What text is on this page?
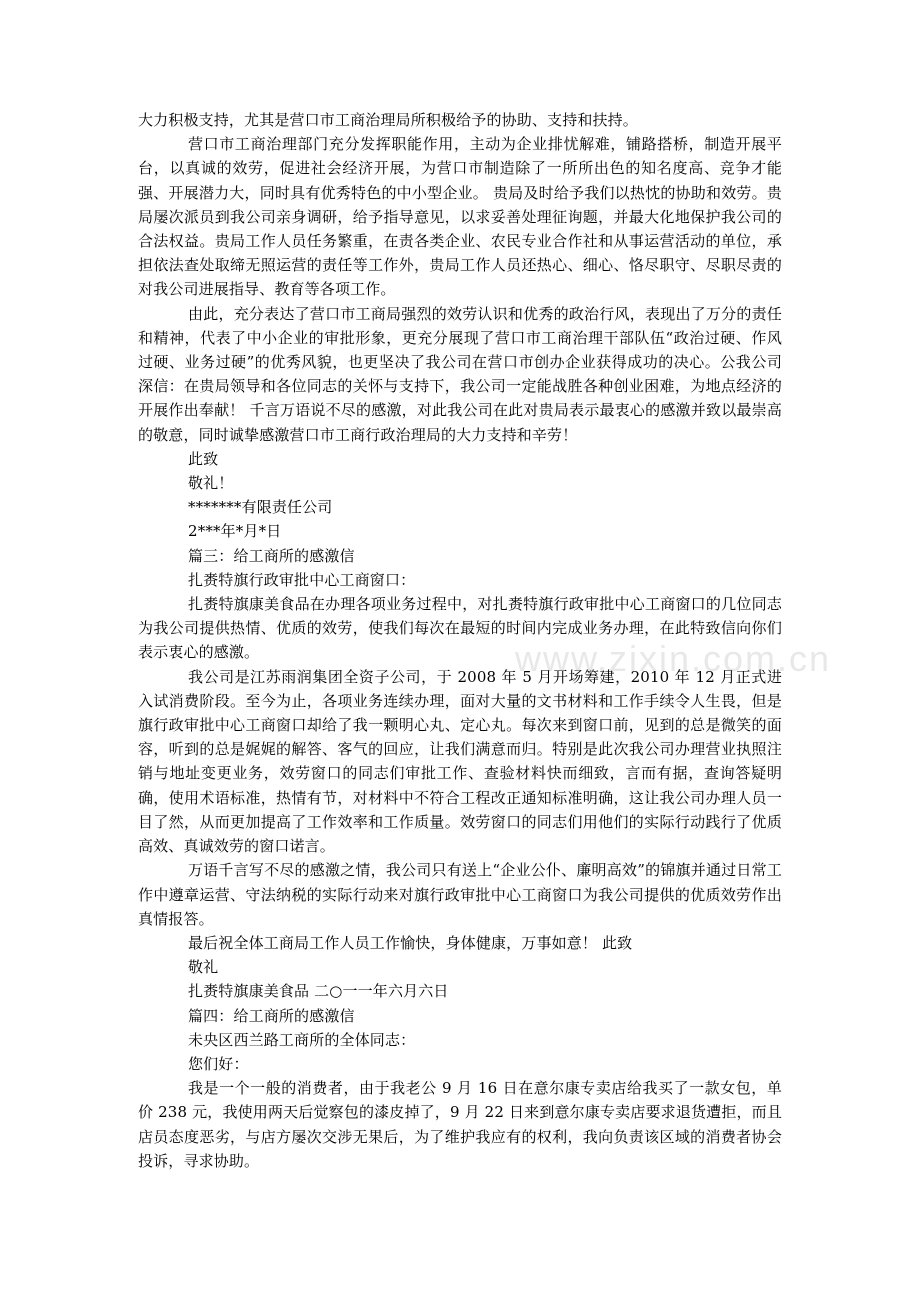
大力积极支持，尤其是营口市工商治理局所积极给予的协助、支持和扶持。

营口市工商治理部门充分发挥职能作用，主动为企业排忧解难，铺路搭桥，制造开展平台，以真诚的效劳，促进社会经济开展，为营口市制造除了一所所出色的知名度高、竞争才能强、开展潜力大，同时具有优秀特色的中小型企业。 贵局及时给予我们以热忱的协助和效劳。贵局屡次派员到我公司亲身调研，给予指导意见，以求妥善处理征询题，并最大化地保护我公司的合法权益。贵局工作人员任务繁重，在责各类企业、农民专业合作社和从事运营活动的单位，承担依法查处取缔无照运营的责任等工作外，贵局工作人员还热心、细心、恪尽职守、尽职尽责的对我公司进展指导、教育等各项工作。

由此，充分表达了营口市工商局强烈的效劳认识和优秀的政治行风，表现出了万分的责任和精神，代表了中小企业的审批形象，更充分展现了营口市工商治理干部队伍“政治过硬、作风过硬、业务过硬”的优秀风貌，也更坚决了我公司在营口市创办企业获得成功的决心。公我公司深信：在贵局领导和各位同志的关怀与支持下，我公司一定能战胜各种创业困难，为地点经济的开展作出奉献！ 千言万语说不尽的感激，对此我公司在此对贵局表示最衷心的感激并致以最崇高的敬意，同时诚挚感激营口市工商行政治理局的大力支持和辛劳！

此致

敬礼！

*******有限责任公司

2***年*月*日

篇三：给工商所的感激信

扎赉特旗行政审批中心工商窗口：

扎赉特旗康美食品在办理各项业务过程中，对扎赉特旗行政审批中心工商窗口的几位同志为我公司提供热情、优质的效劳，使我们每次在最短的时间内完成业务办理，在此特致信向你们表示衷心的感激。

我公司是江苏雨润集团全资子公司，于 2008 年 5 月开场筹建，2010 年 12 月正式进入试消费阶段。至今为止，各项业务连续办理，面对大量的文书材料和工作手续令人生畏，但是旗行政审批中心工商窗口却给了我一颗明心丸、定心丸。每次来到窗口前，见到的总是微笑的面容，听到的总是娓娓的解答、客气的回应，让我们满意而归。特别是此次我公司办理营业执照注销与地址变更业务，效劳窗口的同志们审批工作、查验材料快而细致，言而有据，查询答疑明确，使用术语标准，热情有节，对材料中不符合工程改正通知标准明确，这让我公司办理人员一目了然，从而更加提高了工作效率和工作质量。效劳窗口的同志们用他们的实际行动践行了优质高效、真诚效劳的窗口诺言。

万语千言写不尽的感激之情，我公司只有送上“企业公仆、廉明高效”的锦旗并通过日常工作中遵章运营、守法纳税的实际行动来对旗行政审批中心工商窗口为我公司提供的优质效劳作出真情报答。

最后祝全体工商局工作人员工作愉快，身体健康，万事如意！ 此致

敬礼

扎赉特旗康美食品 二○一一年六月六日

篇四：给工商所的感激信

未央区西兰路工商所的全体同志：

您们好：

我是一个一般的消费者，由于我老公 9 月 16 日在意尔康专卖店给我买了一款女包，单价 238 元，我使用两天后觉察包的漆皮掉了，9 月 22 日来到意尔康专卖店要求退货遭拒，而且店员态度恶劣，与店方屡次交涉无果后，为了维护我应有的权利，我向负责该区域的消费者协会投诉，寻求协助。

www.zixin.com.cn
